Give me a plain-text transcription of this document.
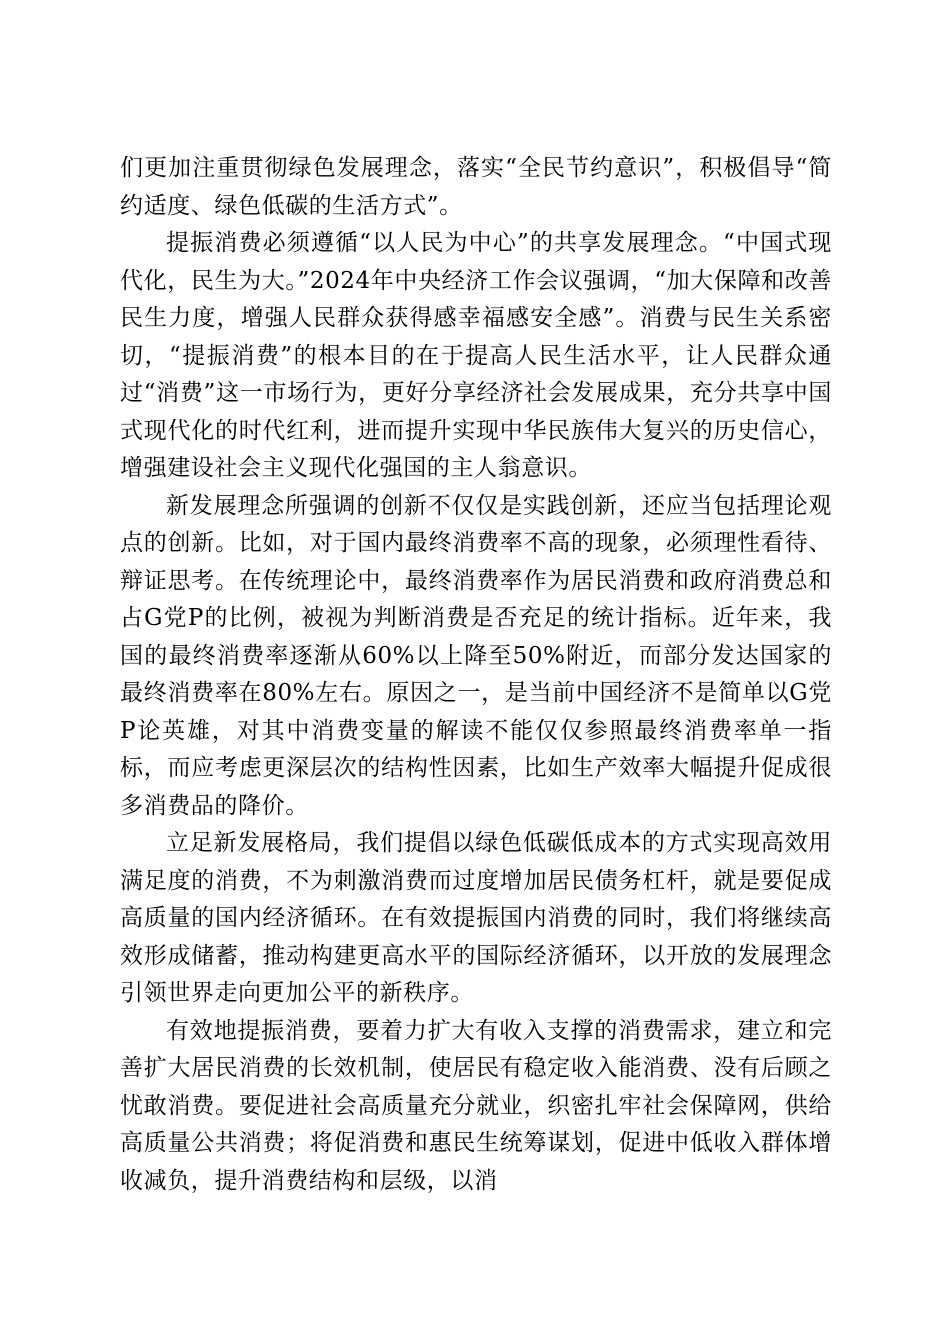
们更加注重贯彻绿色发展理念，落实“全民节约意识”，积极倡导“简约适度、绿色低碳的生活方式”。

提振消费必须遵循“以人民为中心”的共享发展理念。“中国式现代化，民生为大。”2024年中央经济工作会议强调，“加大保障和改善民生力度，增强人民群众获得感幸福感安全感”。消费与民生关系密切，“提振消费”的根本目的在于提高人民生活水平，让人民群众通过“消费”这一市场行为，更好分享经济社会发展成果，充分共享中国式现代化的时代红利，进而提升实现中华民族伟大复兴的历史信心，增强建设社会主义现代化强国的主人翁意识。

新发展理念所强调的创新不仅仅是实践创新，还应当包括理论观点的创新。比如，对于国内最终消费率不高的现象，必须理性看待、辩证思考。在传统理论中，最终消费率作为居民消费和政府消费总和占G党P的比例，被视为判断消费是否充足的统计指标。近年来，我国的最终消费率逐渐从60%以上降至50%附近，而部分发达国家的最终消费率在80%左右。原因之一，是当前中国经济不是简单以G党P论英雄，对其中消费变量的解读不能仅仅参照最终消费率单一指标，而应考虑更深层次的结构性因素，比如生产效率大幅提升促成很多消费品的降价。

立足新发展格局，我们提倡以绿色低碳低成本的方式实现高效用满足度的消费，不为刺激消费而过度增加居民债务杠杆，就是要促成高质量的国内经济循环。在有效提振国内消费的同时，我们将继续高效形成储蓄，推动构建更高水平的国际经济循环，以开放的发展理念引领世界走向更加公平的新秩序。

有效地提振消费，要着力扩大有收入支撑的消费需求，建立和完善扩大居民消费的长效机制，使居民有稳定收入能消费、没有后顾之忧敢消费。要促进社会高质量充分就业，织密扎牢社会保障网，供给高质量公共消费；将促消费和惠民生统筹谋划，促进中低收入群体增收减负，提升消费结构和层级，以消
